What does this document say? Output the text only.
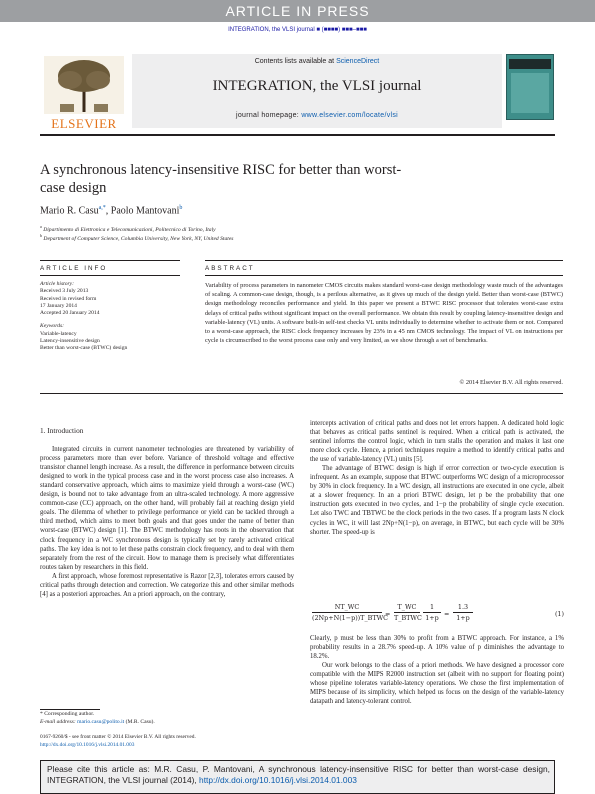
ARTICLE IN PRESS
INTEGRATION, the VLSI journal ■ (■■■■) ■■■–■■■
ELSEVIER
Contents lists available at ScienceDirect
INTEGRATION, the VLSI journal
journal homepage: www.elsevier.com/locate/vlsi
A synchronous latency-insensitive RISC for better than worst-case design
Mario R. Casu$^{a,*}$, Paolo Mantovani$^b$
$^a$ Dipartimento di Elettronica e Telecomunicazioni, Politecnico di Torino, Italy
$^b$ Department of Computer Science, Columbia University, New York, NY, United States
ARTICLE INFO	ABSTRACT
Article history:
Received 3 July 2013
Received in revised form
17 January 2014
Accepted 20 January 2014
Keywords:
Variable-latency
Latency-insensitive design
Better than worst-case (BTWC) design
Variability of process parameters in nanometer CMOS circuits makes standard worst-case design methodology waste much of the advantages of scaling. A common-case design, though, is a perilous alternative, as it gives up much of the design yield. Better than worst-case (BTWC) design methodology reconciles performance and yield. In this paper we present a BTWC RISC processor that tolerates worst-case extra delays of critical paths without significant impact on the overall performance. We obtain this result by coupling latency-insensitive design and variable-latency (VL) units. A software built-in self-test checks VL units individually to determine whether to activate them or not. Compared to a worst-case approach, the RISC clock frequency increases by 23% in a 45 nm CMOS technology. The impact of VL on instructions per cycle is circumscribed to the worst process case only and very limited, as we show through a set of benchmarks.
© 2014 Elsevier B.V. All rights reserved.
1. Introduction

Integrated circuits in current nanometer technologies are threatened by variability of process parameters more than ever before. Variance of threshold voltage and effective transistor channel length increase. As a result, the difference in performance between circuits designed to work in the typical process case and in the worst process case also increases. A standard conservative approach, which aims to maximize yield through a worst-case (WC) design, is bound not to take advantage from an ultra-scaled technology. A more aggressive common-case (CC) approach, on the other hand, will probably fail at reaching design yield goals. The dilemma of whether to privilege performance or yield can be tackled through a third method, which aims to meet both goals and that goes under the name of better than worst-case (BTWC) design [1]. The BTWC methodology has roots in the observation that clock frequency in a WC synchronous design is typically set by rarely activated critical paths. The key idea is not to let these paths constrain clock frequency, and to deal with them separately from the rest of the circuit. How to manage them is precisely what differentiates routes taken by researchers in this field.

A first approach, whose foremost representative is Razor [2,3], tolerates errors caused by critical paths through detection and correction. We categorize this and other similar methods [4] as a posteriori approaches. An a priori approach, on the contrary,

intercepts activation of critical paths and does not let errors happen. A dedicated hold logic that behaves as critical paths sentinel is required. When a critical path is activated, the sentinel informs the control logic, which in turn stalls the operation and makes it last one more clock cycle. Hence, a priori techniques require a method to identify critical paths and the use of variable-latency (VL) units [5].

The advantage of BTWC design is high if error correction or two-cycle execution is infrequent. As an example, suppose that BTWC outperforms WC design of a microprocessor by 30% in clock frequency. In a WC design, all instructions are executed in one cycle, albeit at a slower frequency. In an a priori BTWC design, let p be the probability that one instruction gets executed in two cycles, and 1−p the probability of single cycle execution. Let also TWC and TBTWC be the clock periods in the two cases. If a program lasts N clock cycles in WC, it will last 2Np+N(1−p), on average, in BTWC, but each cycle will be 30% shorter. The speed-up is

NT_WC
(2Np+N(1−p))T_BTWC
=
T_WC
T_BTWC $\frac{1}{1+p} = \frac{1.3}{1+p}$	(1)

Clearly, p must be less than 30% to profit from a BTWC approach. For instance, a 1% probability results in a 28.7% speed-up. A 10% value of p diminishes the advantage to 18.2%.

Our work belongs to the class of a priori methods. We have designed a processor core compatible with the MIPS R2000 instruction set (albeit with no support for floating point) whose pipeline tolerates variable-latency operations. We chose the first implementation of MIPS because of its simplicity, which helped us focus on the design of the variable-latency datapath and latency-tolerant control.

* Corresponding author.
E-mail address: mario.casu@polito.it (M.R. Casu).
0167-9260/$ - see front matter © 2014 Elsevier B.V. All rights reserved.
http://dx.doi.org/10.1016/j.vlsi.2014.01.003
Please cite this article as: M.R. Casu, P. Mantovani, A synchronous latency-insensitive RISC for better than worst-case design, INTEGRATION, the VLSI journal (2014), http://dx.doi.org/10.1016/j.vlsi.2014.01.003
